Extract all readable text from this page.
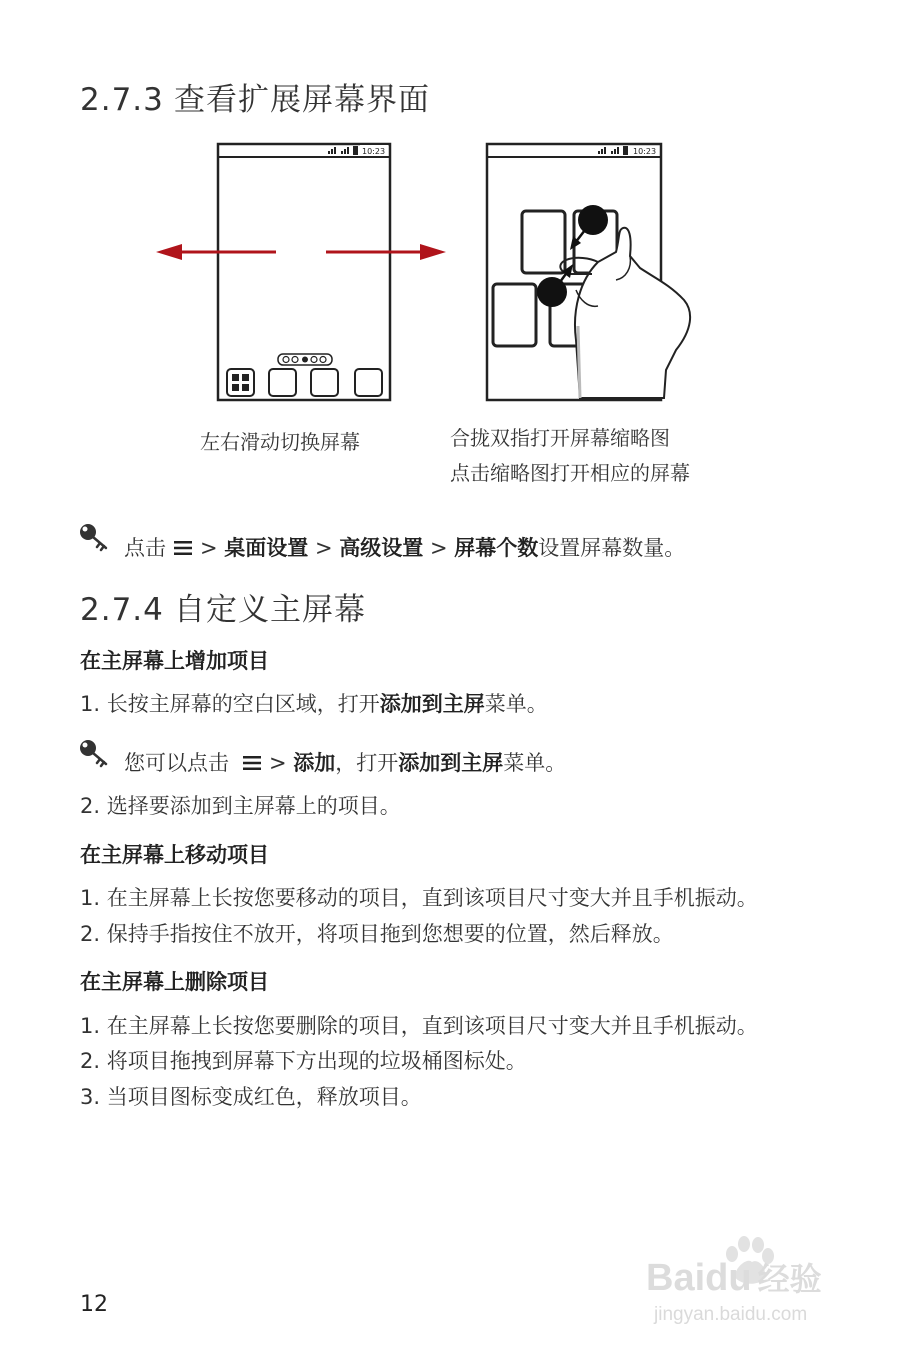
2.7.3 查看扩展屏幕界面
10:23	10:23
左右滑动切换屏幕	合拢双指打开屏幕缩略图
点击缩略图打开相应的屏幕
点击 > 桌面设置 > 高级设置 > 屏幕个数设置屏幕数量。
2.7.4 自定义主屏幕
在主屏幕上增加项目
1. 长按主屏幕的空白区域，打开添加到主屏菜单。
您可以点击 > 添加，打开添加到主屏菜单。
2. 选择要添加到主屏幕上的项目。
在主屏幕上移动项目
1. 在主屏幕上长按您要移动的项目，直到该项目尺寸变大并且手机振动。
2. 保持手指按住不放开，将项目拖到您想要的位置，然后释放。
在主屏幕上删除项目
1. 在主屏幕上长按您要删除的项目，直到该项目尺寸变大并且手机振动。
2. 将项目拖拽到屏幕下方出现的垃圾桶图标处。
3. 当项目图标变成红色，释放项目。
12
Baidu 经验
jingyan.baidu.com
